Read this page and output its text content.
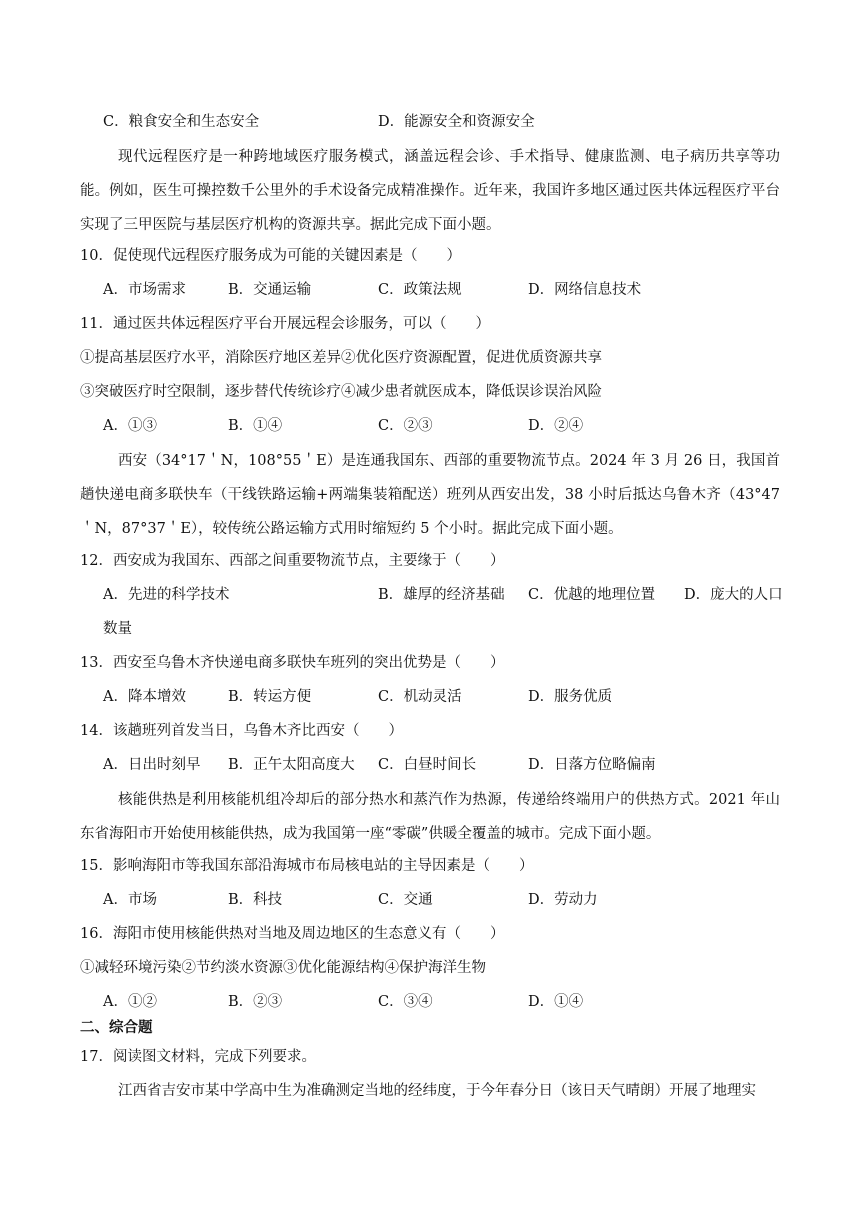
C．粮食安全和生态安全	D．能源安全和资源安全
现代远程医疗是一种跨地域医疗服务模式，涵盖远程会诊、手术指导、健康监测、电子病历共享等功能。例如，医生可操控数千公里外的手术设备完成精准操作。近年来，我国许多地区通过医共体远程医疗平台实现了三甲医院与基层医疗机构的资源共享。据此完成下面小题。
10．促使现代远程医疗服务成为可能的关键因素是（　　）
A．市场需求	B．交通运输	C．政策法规	D．网络信息技术
11．通过医共体远程医疗平台开展远程会诊服务，可以（　　）
①提高基层医疗水平，消除医疗地区差异②优化医疗资源配置，促进优质资源共享
③突破医疗时空限制，逐步替代传统诊疗④减少患者就医成本，降低误诊误治风险
A．①③	B．①④	C．②③	D．②④
西安（34°17＇N，108°55＇E）是连通我国东、西部的重要物流节点。2024 年 3 月 26 日，我国首趟快递电商多联快车（干线铁路运输+两端集装箱配送）班列从西安出发，38 小时后抵达乌鲁木齐（43°47＇N，87°37＇E），较传统公路运输方式用时缩短约 5 个小时。据此完成下面小题。
12．西安成为我国东、西部之间重要物流节点，主要缘于（　　）
A．先进的科学技术	B．雄厚的经济基础 C．优越的地理位置 D．庞大的人口
数量
13．西安至乌鲁木齐快递电商多联快车班列的突出优势是（　　）
A．降本增效	B．转运方便	C．机动灵活	D．服务优质
14．该趟班列首发当日，乌鲁木齐比西安（　　）
A．日出时刻早 B．正午太阳高度大 C．白昼时间长	D．日落方位略偏南
核能供热是利用核能机组冷却后的部分热水和蒸汽作为热源，传递给终端用户的供热方式。2021 年山东省海阳市开始使用核能供热，成为我国第一座“零碳”供暖全覆盖的城市。完成下面小题。
15．影响海阳市等我国东部沿海城市布局核电站的主导因素是（　　）
A．市场	B．科技	C．交通	D．劳动力
16．海阳市使用核能供热对当地及周边地区的生态意义有（　　）
①减轻环境污染②节约淡水资源③优化能源结构④保护海洋生物
A．①②	B．②③	C．③④	D．①④
二、综合题
17．阅读图文材料，完成下列要求。
江西省吉安市某中学高中生为准确测定当地的经纬度，于今年春分日（该日天气晴朗）开展了地理实
